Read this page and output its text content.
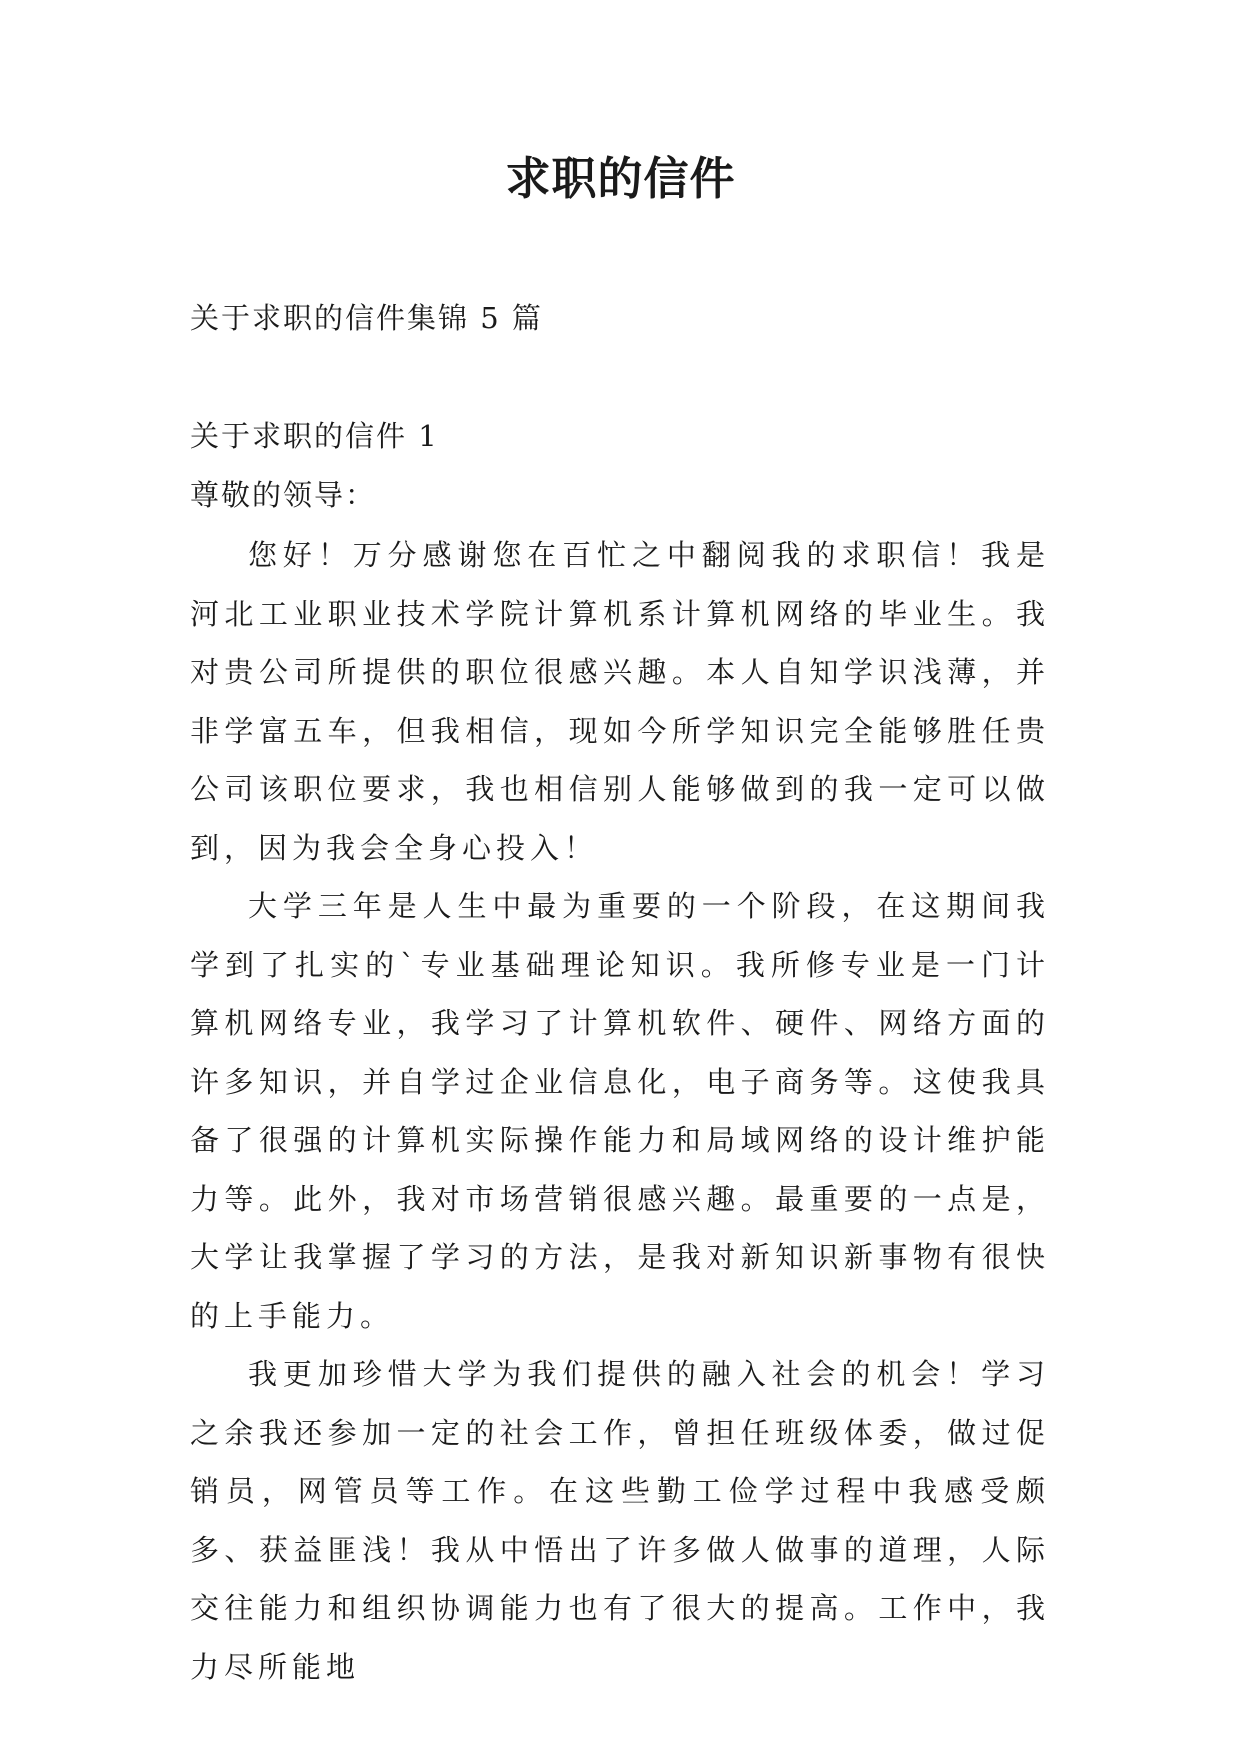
求职的信件
关于求职的信件集锦 5 篇
关于求职的信件 1
尊敬的领导：

您好！万分感谢您在百忙之中翻阅我的求职信！我是河北工业职业技术学院计算机系计算机网络的毕业生。我对贵公司所提供的职位很感兴趣。本人自知学识浅薄，并非学富五车，但我相信，现如今所学知识完全能够胜任贵公司该职位要求，我也相信别人能够做到的我一定可以做到，因为我会全身心投入！

大学三年是人生中最为重要的一个阶段，在这期间我学到了扎实的`专业基础理论知识。我所修专业是一门计算机网络专业，我学习了计算机软件、硬件、网络方面的许多知识，并自学过企业信息化，电子商务等。这使我具备了很强的计算机实际操作能力和局域网络的设计维护能力等。此外，我对市场营销很感兴趣。最重要的一点是，大学让我掌握了学习的方法，是我对新知识新事物有很快的上手能力。

我更加珍惜大学为我们提供的融入社会的机会！学习之余我还参加一定的社会工作，曾担任班级体委，做过促销员，网管员等工作。在这些勤工俭学过程中我感受颇多、获益匪浅！我从中悟出了许多做人做事的道理，人际交往能力和组织协调能力也有了很大的提高。工作中，我力尽所能地
